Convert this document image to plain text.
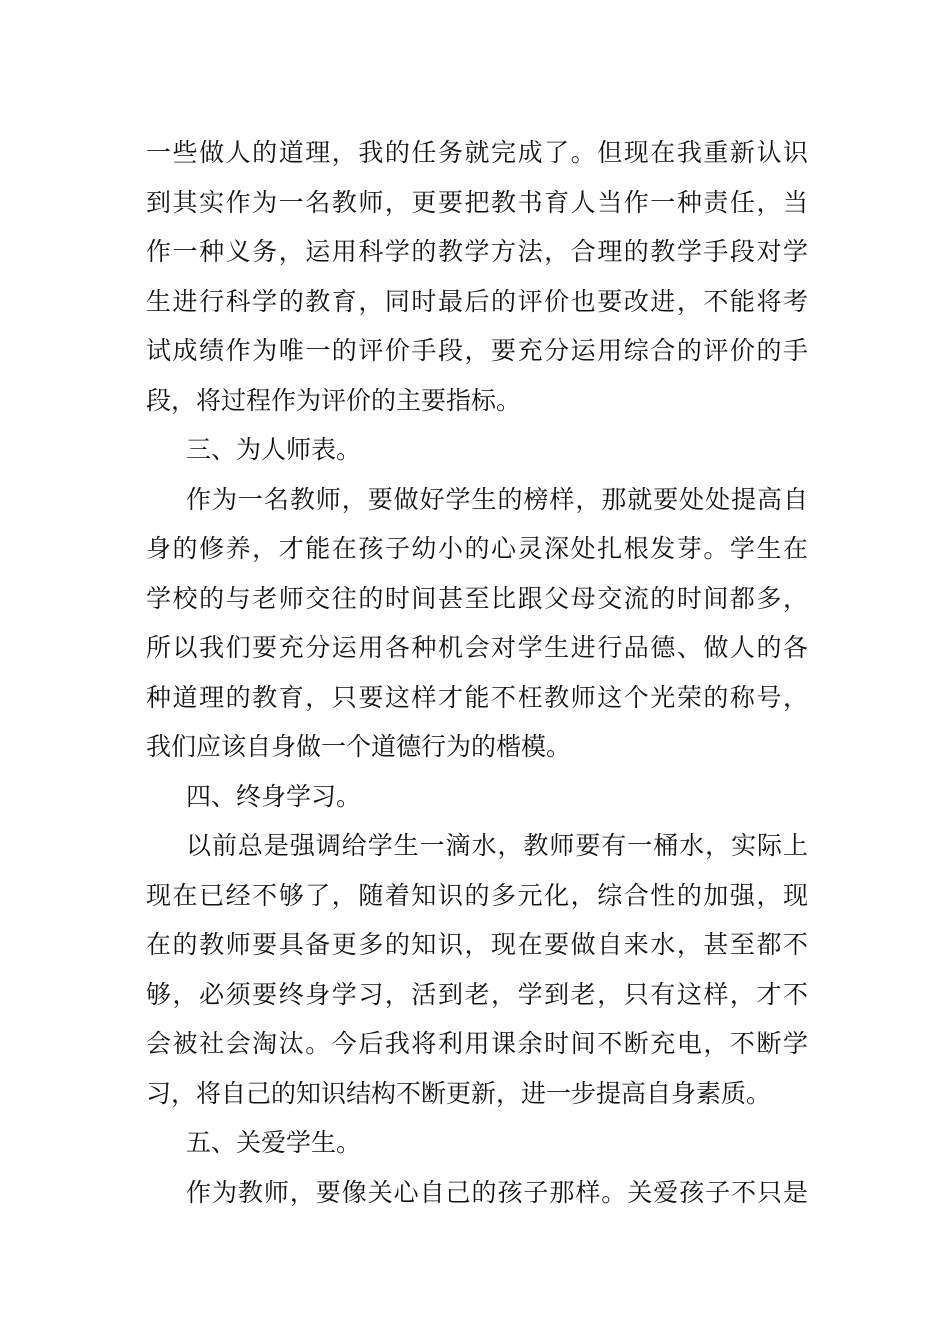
一些做人的道理，我的任务就完成了。但现在我重新认识
到其实作为一名教师，更要把教书育人当作一种责任，当
作一种义务，运用科学的教学方法，合理的教学手段对学
生进行科学的教育，同时最后的评价也要改进，不能将考
试成绩作为唯一的评价手段，要充分运用综合的评价的手
段，将过程作为评价的主要指标。
三、为人师表。
作为一名教师，要做好学生的榜样，那就要处处提高自
身的修养，才能在孩子幼小的心灵深处扎根发芽。学生在
学校的与老师交往的时间甚至比跟父母交流的时间都多，
所以我们要充分运用各种机会对学生进行品德、做人的各
种道理的教育，只要这样才能不枉教师这个光荣的称号，
我们应该自身做一个道德行为的楷模。
四、终身学习。
以前总是强调给学生一滴水，教师要有一桶水，实际上
现在已经不够了，随着知识的多元化，综合性的加强，现
在的教师要具备更多的知识，现在要做自来水，甚至都不
够，必须要终身学习，活到老，学到老，只有这样，才不
会被社会淘汰。今后我将利用课余时间不断充电，不断学
习，将自己的知识结构不断更新，进一步提高自身素质。
五、关爱学生。
作为教师，要像关心自己的孩子那样。关爱孩子不只是
